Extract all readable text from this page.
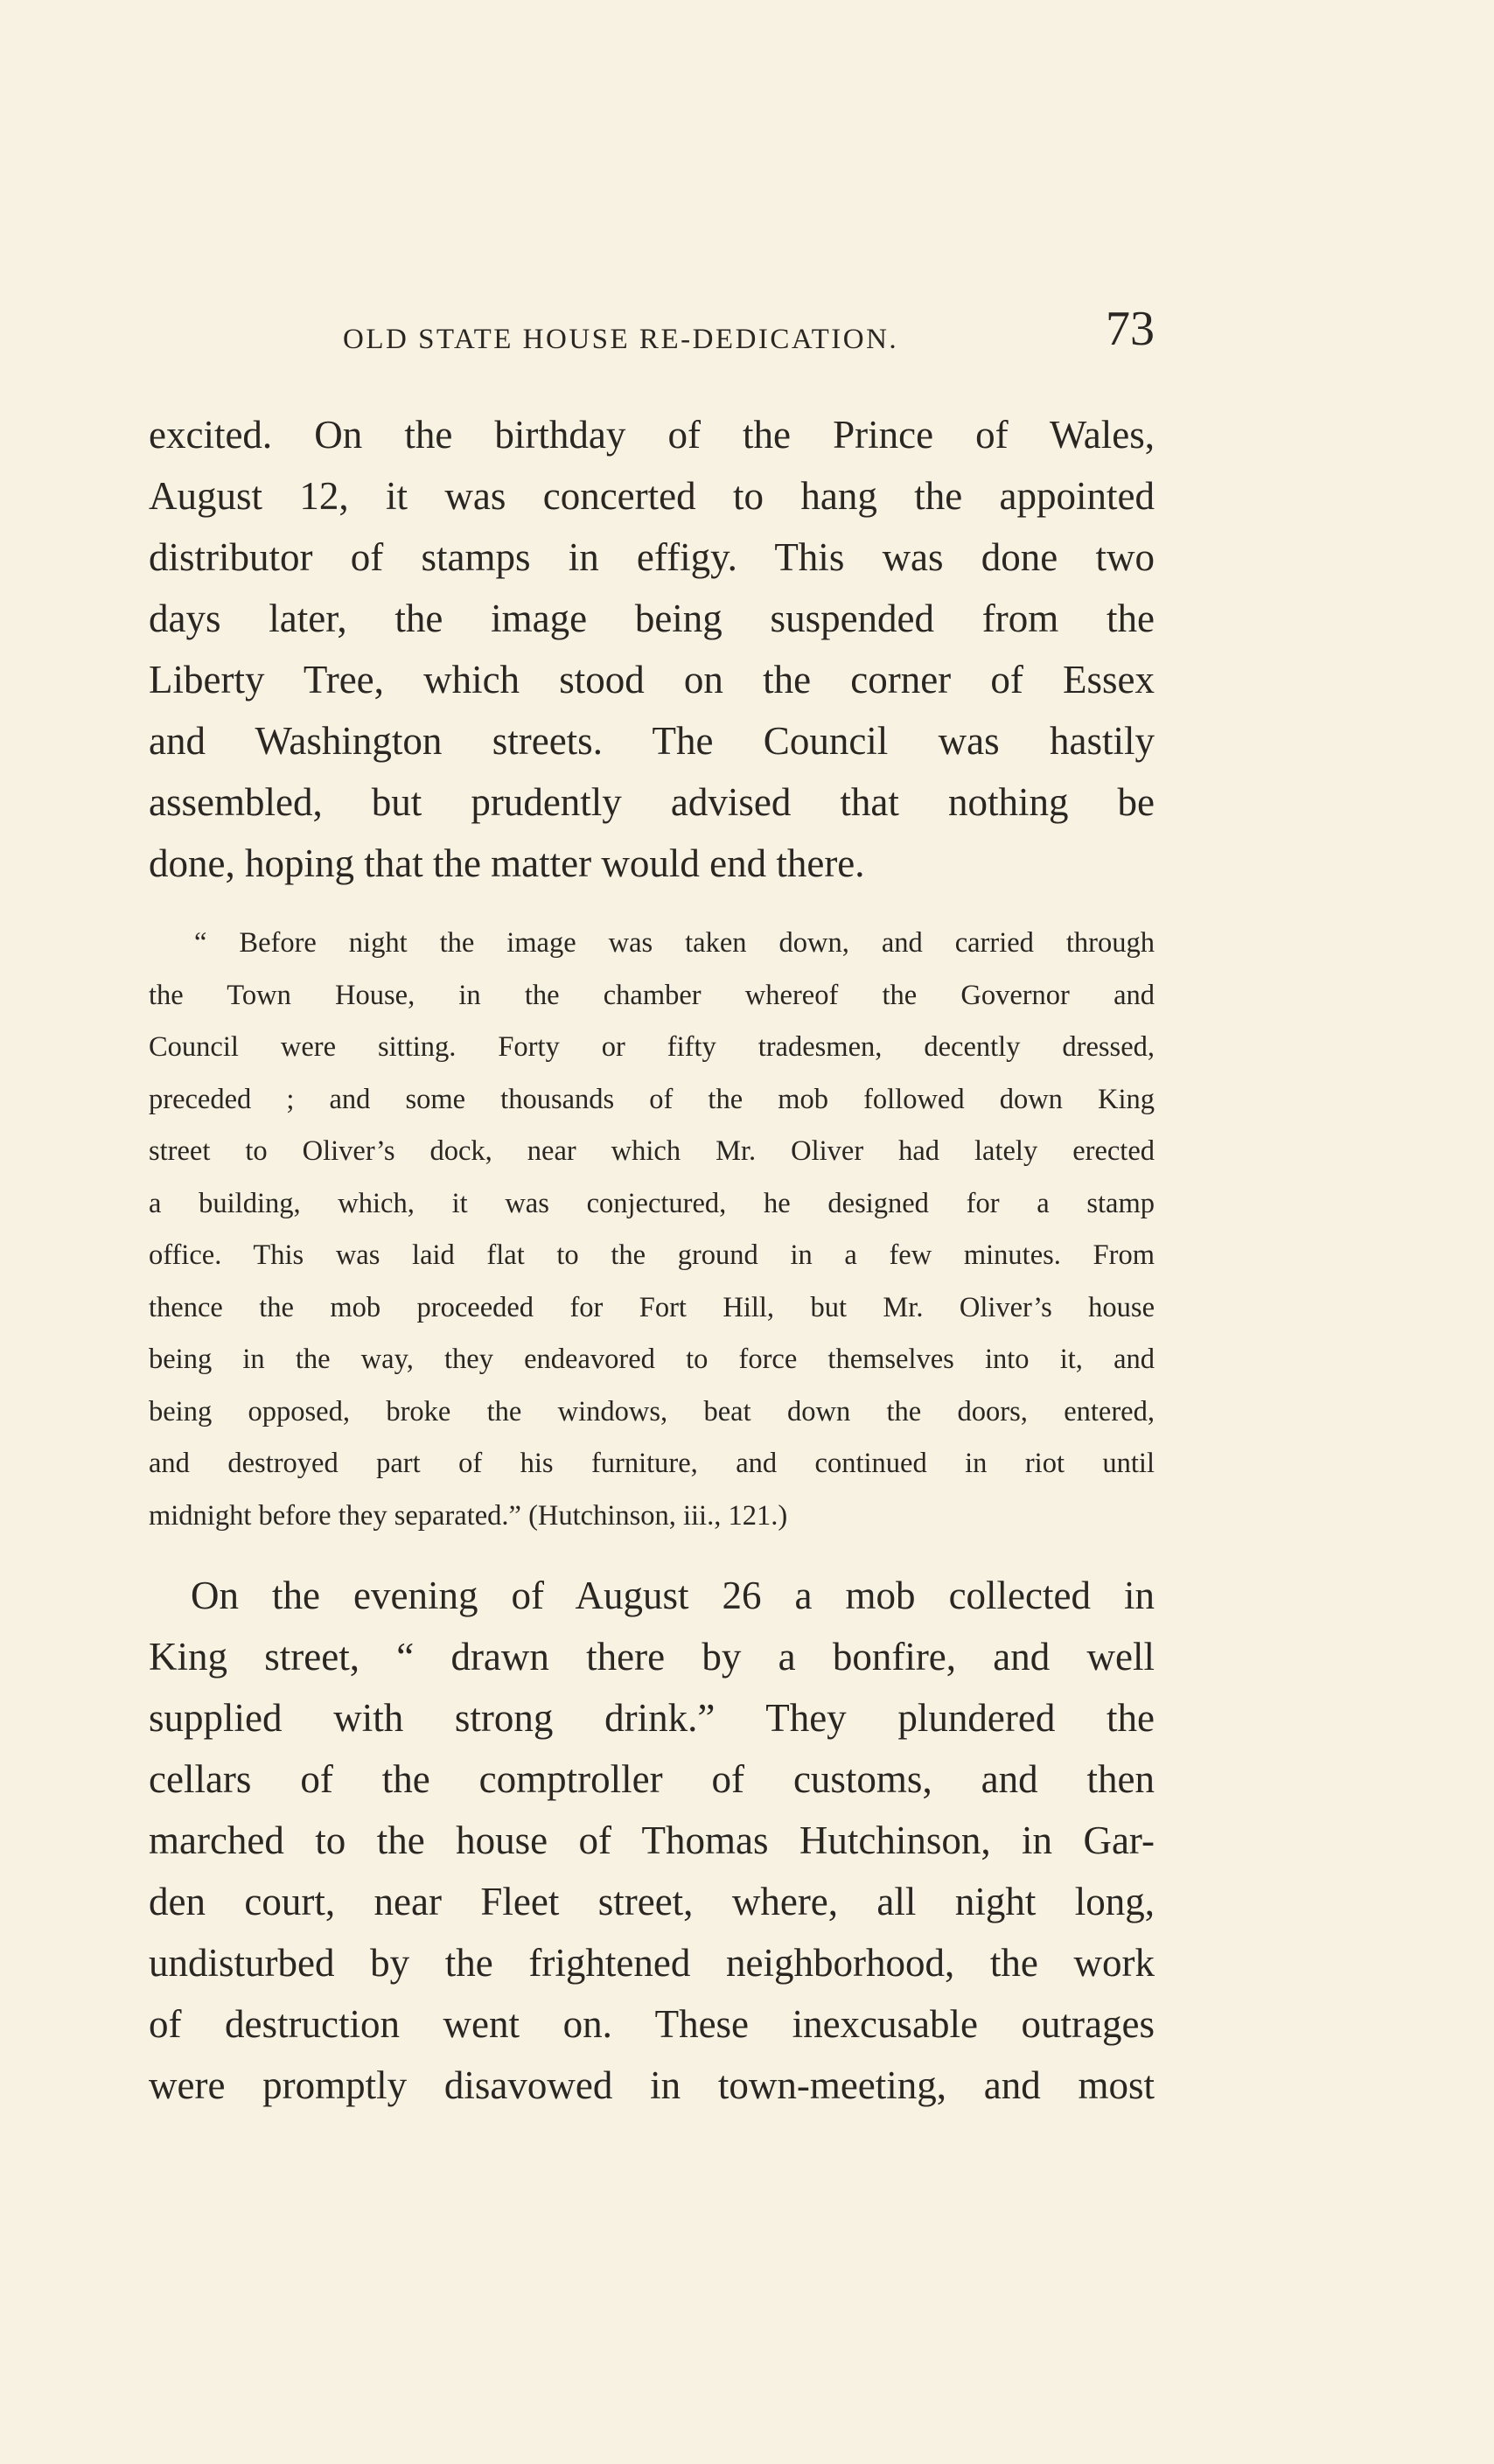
OLD STATE HOUSE RE-DEDICATION.	73
excited. On the birthday of the Prince of Wales,
August 12, it was concerted to hang the appointed
distributor of stamps in effigy. This was done two
days later, the image being suspended from the
Liberty Tree, which stood on the corner of Essex
and Washington streets. The Council was hastily
assembled, but prudently advised that nothing be
done, hoping that the matter would end there.
“ Before night the image was taken down, and carried through
the Town House, in the chamber whereof the Governor and
Council were sitting. Forty or fifty tradesmen, decently dressed,
preceded ; and some thousands of the mob followed down King
street to Oliver’s dock, near which Mr. Oliver had lately erected
a building, which, it was conjectured, he designed for a stamp
office. This was laid flat to the ground in a few minutes. From
thence the mob proceeded for Fort Hill, but Mr. Oliver’s house
being in the way, they endeavored to force themselves into it, and
being opposed, broke the windows, beat down the doors, entered,
and destroyed part of his furniture, and continued in riot until
midnight before they separated.” (Hutchinson, iii., 121.)
On the evening of August 26 a mob collected in
King street, “ drawn there by a bonfire, and well
supplied with strong drink.” They plundered the
cellars of the comptroller of customs, and then
marched to the house of Thomas Hutchinson, in Gar-
den court, near Fleet street, where, all night long,
undisturbed by the frightened neighborhood, the work
of destruction went on. These inexcusable outrages
were promptly disavowed in town-meeting, and most
